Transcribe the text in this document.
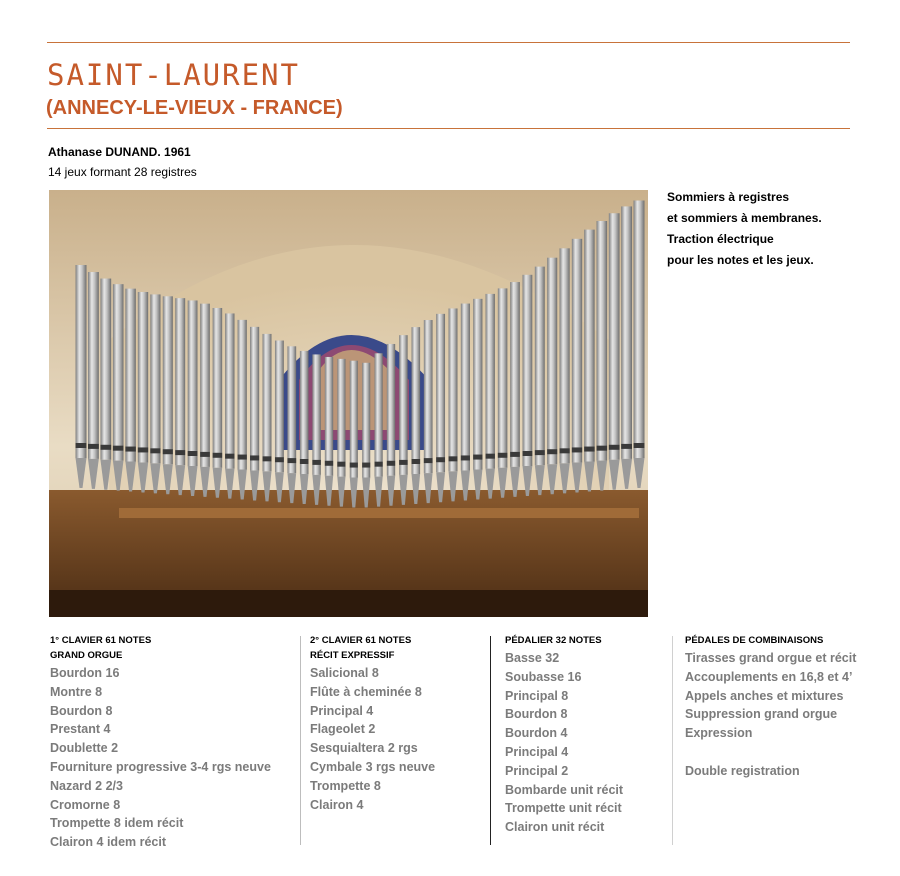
SAINT-LAURENT
(ANNECY-LE-VIEUX - FRANCE)
Athanase DUNAND. 1961
14 jeux formant 28 registres
Sommiers à registres
et sommiers à membranes.
Traction électrique
pour les notes et les jeux.
1° CLAVIER 61 NOTES
GRAND ORGUE
Bourdon 16
Montre 8
Bourdon 8
Prestant 4
Doublette 2
Fourniture progressive 3-4 rgs neuve
Nazard 2 2/3
Cromorne 8
Trompette 8 idem récit
Clairon 4 idem récit
2° CLAVIER 61 NOTES
RÉCIT EXPRESSIF
Salicional 8
Flûte à cheminée 8
Principal 4
Flageolet 2
Sesquialtera 2 rgs
Cymbale 3 rgs neuve
Trompette 8
Clairon 4
PÉDALIER 32 NOTES
Basse 32
Soubasse 16
Principal 8
Bourdon 8
Bourdon 4
Principal 4
Principal 2
Bombarde unit récit
Trompette unit récit
Clairon unit récit
PÉDALES DE COMBINAISONS
Tirasses grand orgue et récit
Accouplements en 16,8 et 4’
Appels anches et mixtures
Suppression grand orgue
Expression

Double registration
